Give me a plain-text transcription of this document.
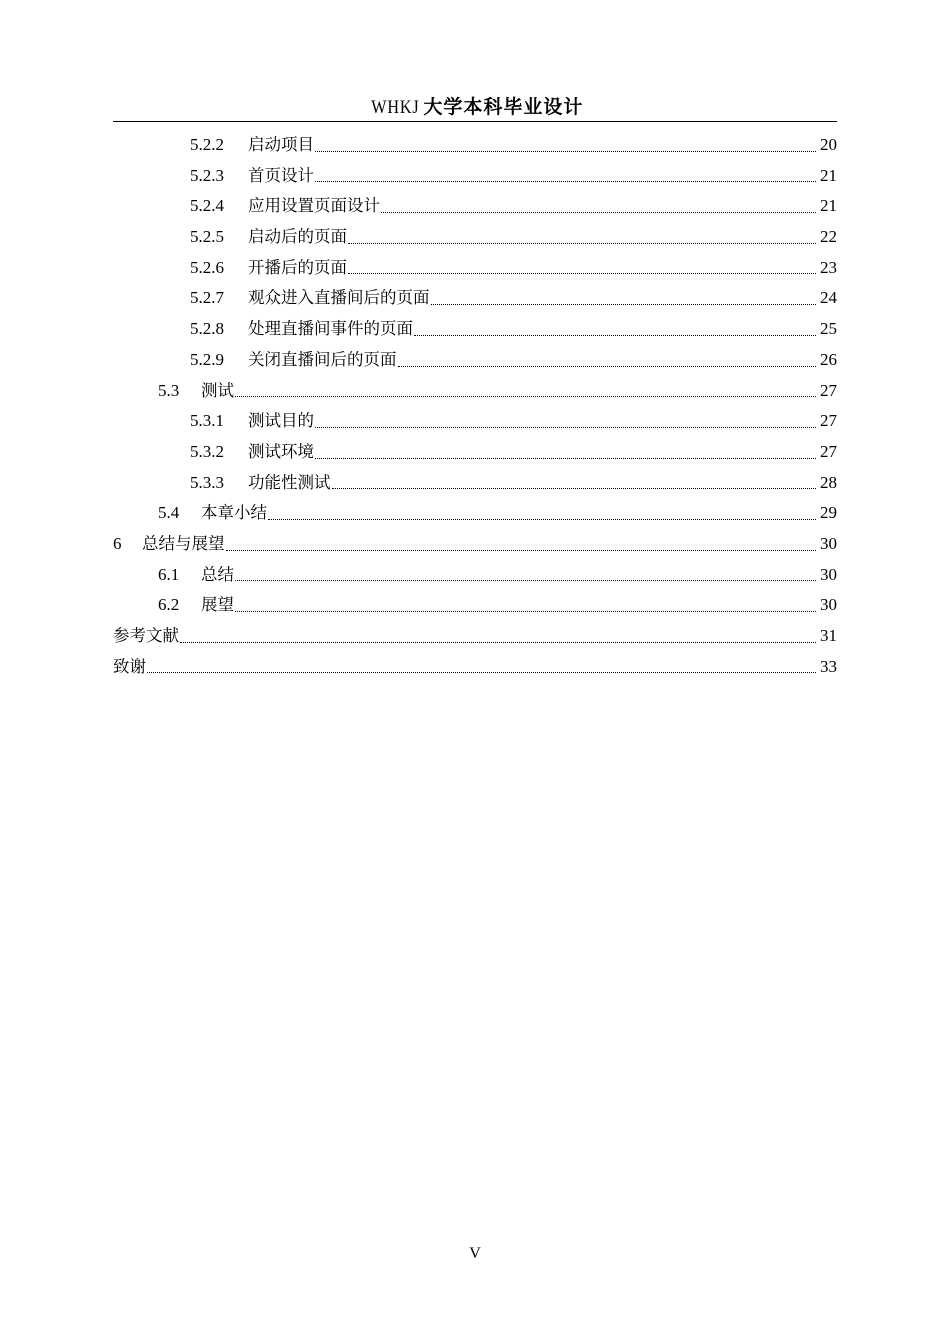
WHKJ 大学本科毕业设计
5.2.2	启动项目	20
5.2.3	首页设计	21
5.2.4	应用设置页面设计	21
5.2.5	启动后的页面	22
5.2.6	开播后的页面	23
5.2.7	观众进入直播间后的页面	24
5.2.8	处理直播间事件的页面	25
5.2.9	关闭直播间后的页面	26
5.3	测试	27
5.3.1	测试目的	27
5.3.2	测试环境	27
5.3.3	功能性测试	28
5.4	本章小结	29
6	总结与展望	30
6.1	总结	30
6.2	展望	30
参考文献	31
致谢	33
V
